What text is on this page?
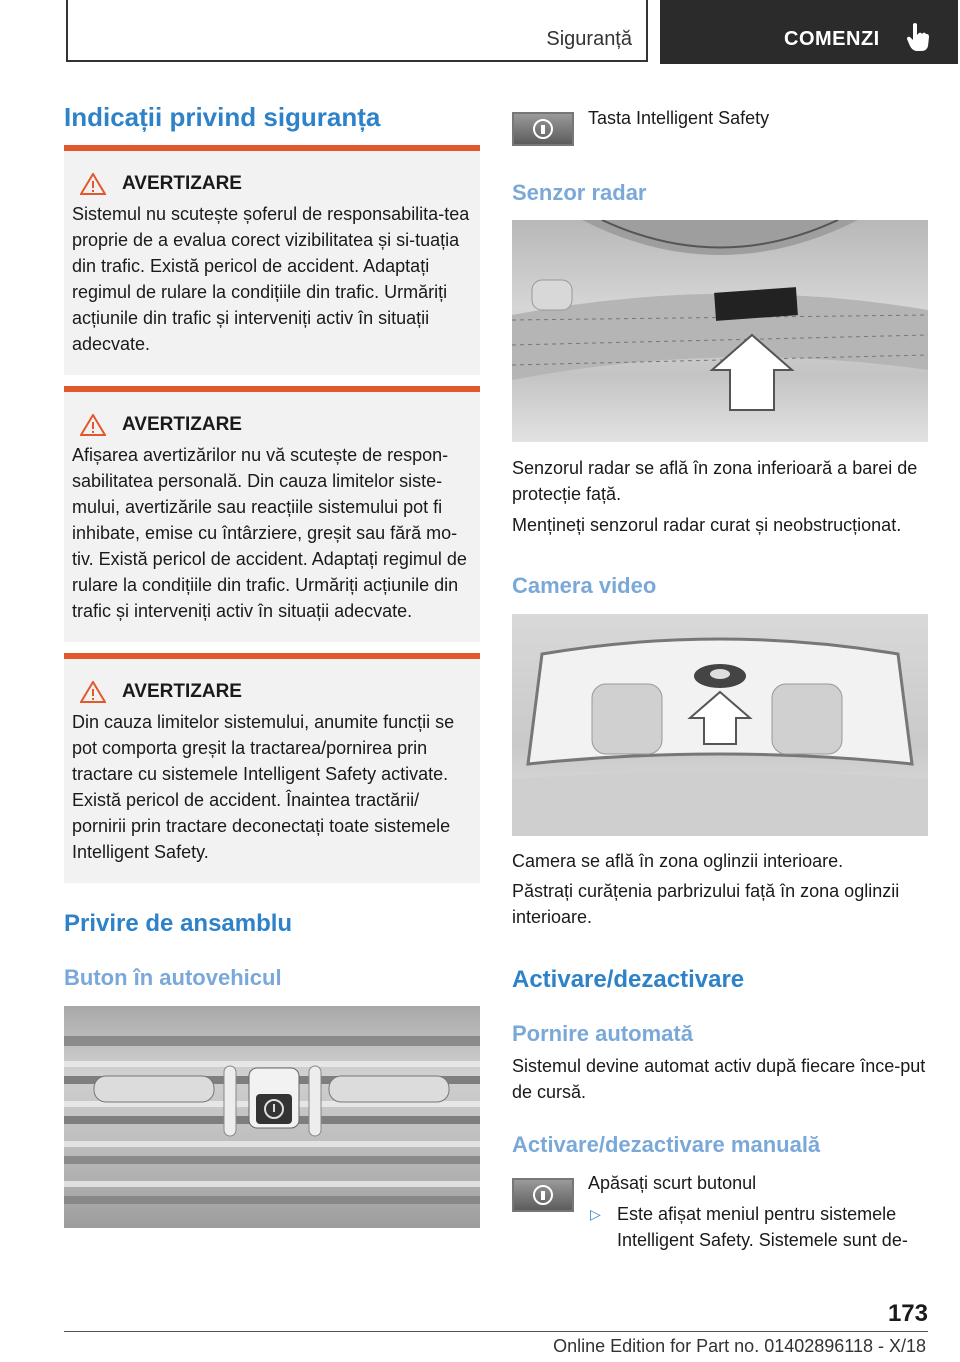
Siguranță	COMENZI
Indicații privind siguranța
AVERTIZARE
Sistemul nu scutește șoferul de responsabilita‐tea proprie de a evalua corect vizibilitatea și si‐tuația din trafic. Există pericol de accident. Adaptați regimul de rulare la condițiile din trafic. Urmăriți acțiunile din trafic și interveniți activ în situații adecvate.
AVERTIZARE
Afișarea avertizărilor nu vă scutește de respon‐sabilitatea personală. Din cauza limitelor siste‐mului, avertizările sau reacțiile sistemului pot fi inhibate, emise cu întârziere, greșit sau fără mo‐tiv. Există pericol de accident. Adaptați regimul de rulare la condițiile din trafic. Urmăriți acțiunile din trafic și interveniți activ în situații adecvate.
AVERTIZARE
Din cauza limitelor sistemului, anumite funcții se pot comporta greșit la tractarea/pornirea prin tractare cu sistemele Intelligent Safety activate. Există pericol de accident. Înaintea tractării/ pornirii prin tractare deconectați toate sistemele Intelligent Safety.
Privire de ansamblu
Buton în autovehicul

Tasta Intelligent Safety

Senzor radar

Senzorul radar se află în zona inferioară a barei de protecție față.

Mențineți senzorul radar curat și neobstrucționat.

Camera video

Camera se află în zona oglinzii interioare.

Păstrați curățenia parbrizului față în zona oglinzii interioare.

Activare/dezactivare
Pornire automată

Sistemul devine automat activ după fiecare înce‐put de cursă.

Activare/dezactivare manuală

Apăsați scurt butonul

▷ Este afișat meniul pentru sistemele Intelligent Safety. Sistemele sunt de‐

173
Online Edition for Part no. 01402896118 - X/18
